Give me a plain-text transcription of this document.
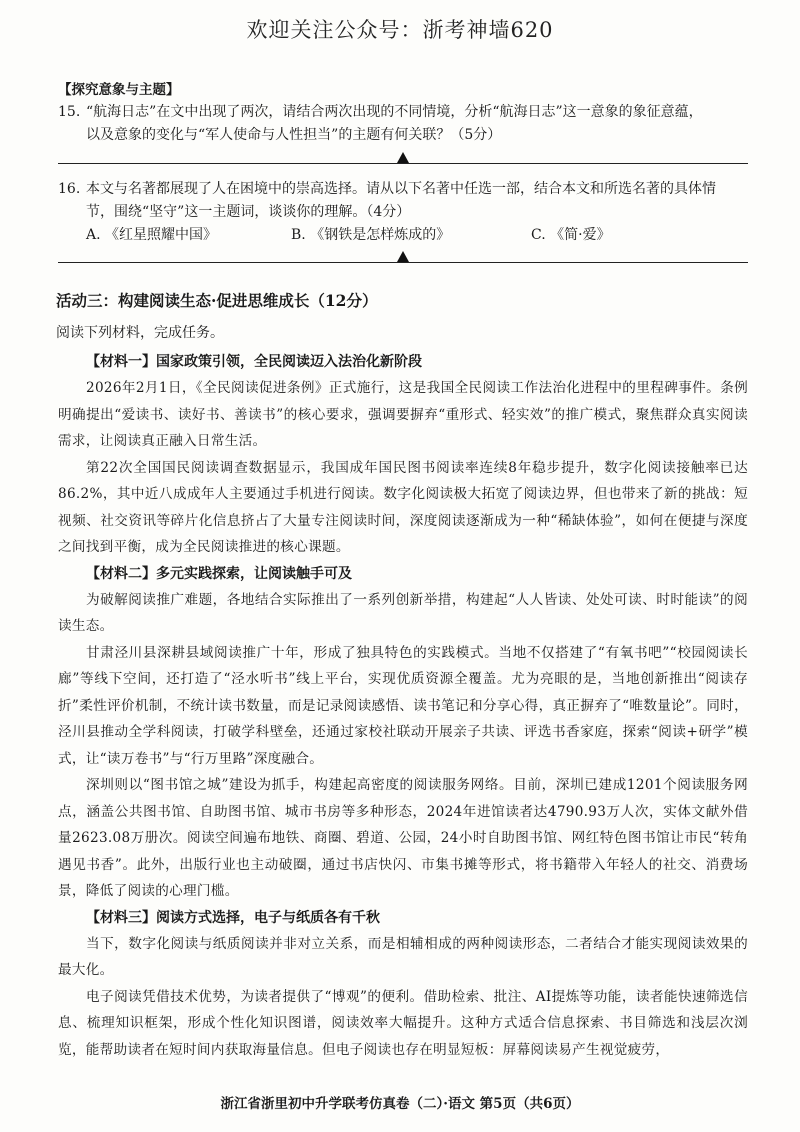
欢迎关注公众号：浙考神墙620

【探究意象与主题】

15. “航海日志”在文中出现了两次，请结合两次出现的不同情境，分析“航海日志”这一意象的象征意蕴，

以及意象的变化与“军人使命与人性担当”的主题有何关联？（5分）

16. 本文与名著都展现了人在困境中的崇高选择。请从以下名著中任选一部，结合本文和所选名著的具体情

节，围绕“坚守”这一主题词，谈谈你的理解。（4分）

A. 《红星照耀中国》	B. 《钢铁是怎样炼成的》	C. 《简·爱》

活动三：构建阅读生态·促进思维成长（12分）

阅读下列材料，完成任务。

【材料一】国家政策引领，全民阅读迈入法治化新阶段

2026年2月1日，《全民阅读促进条例》正式施行，这是我国全民阅读工作法治化进程中的里程碑事件。条例明确提出“爱读书、读好书、善读书”的核心要求，强调要摒弃“重形式、轻实效”的推广模式，聚焦群众真实阅读需求，让阅读真正融入日常生活。

第22次全国国民阅读调查数据显示，我国成年国民图书阅读率连续8年稳步提升，数字化阅读接触率已达86.2%，其中近八成成年人主要通过手机进行阅读。数字化阅读极大拓宽了阅读边界，但也带来了新的挑战：短视频、社交资讯等碎片化信息挤占了大量专注阅读时间，深度阅读逐渐成为一种“稀缺体验”，如何在便捷与深度之间找到平衡，成为全民阅读推进的核心课题。

【材料二】多元实践探索，让阅读触手可及

为破解阅读推广难题，各地结合实际推出了一系列创新举措，构建起“人人皆读、处处可读、时时能读”的阅读生态。

甘肃泾川县深耕县域阅读推广十年，形成了独具特色的实践模式。当地不仅搭建了“有氧书吧”“校园阅读长廊”等线下空间，还打造了“泾水听书”线上平台，实现优质资源全覆盖。尤为亮眼的是，当地创新推出“阅读存折”柔性评价机制，不统计读书数量，而是记录阅读感悟、读书笔记和分享心得，真正摒弃了“唯数量论”。同时，泾川县推动全学科阅读，打破学科壁垒，还通过家校社联动开展亲子共读、评选书香家庭，探索“阅读+研学”模式，让“读万卷书”与“行万里路”深度融合。

深圳则以“图书馆之城”建设为抓手，构建起高密度的阅读服务网络。目前，深圳已建成1201个阅读服务网点，涵盖公共图书馆、自助图书馆、城市书房等多种形态，2024年进馆读者达4790.93万人次，实体文献外借量2623.08万册次。阅读空间遍布地铁、商圈、碧道、公园，24小时自助图书馆、网红特色图书馆让市民“转角遇见书香”。此外，出版行业也主动破圈，通过书店快闪、市集书摊等形式，将书籍带入年轻人的社交、消费场景，降低了阅读的心理门槛。

【材料三】阅读方式选择，电子与纸质各有千秋

当下，数字化阅读与纸质阅读并非对立关系，而是相辅相成的两种阅读形态，二者结合才能实现阅读效果的最大化。

电子阅读凭借技术优势，为读者提供了“博观”的便利。借助检索、批注、AI提炼等功能，读者能快速筛选信息、梳理知识框架，形成个性化知识图谱，阅读效率大幅提升。这种方式适合信息探索、书目筛选和浅层次浏览，能帮助读者在短时间内获取海量信息。但电子阅读也存在明显短板：屏幕阅读易产生视觉疲劳，

浙江省浙里初中升学联考仿真卷（二）·语文 第5页（共6页）
